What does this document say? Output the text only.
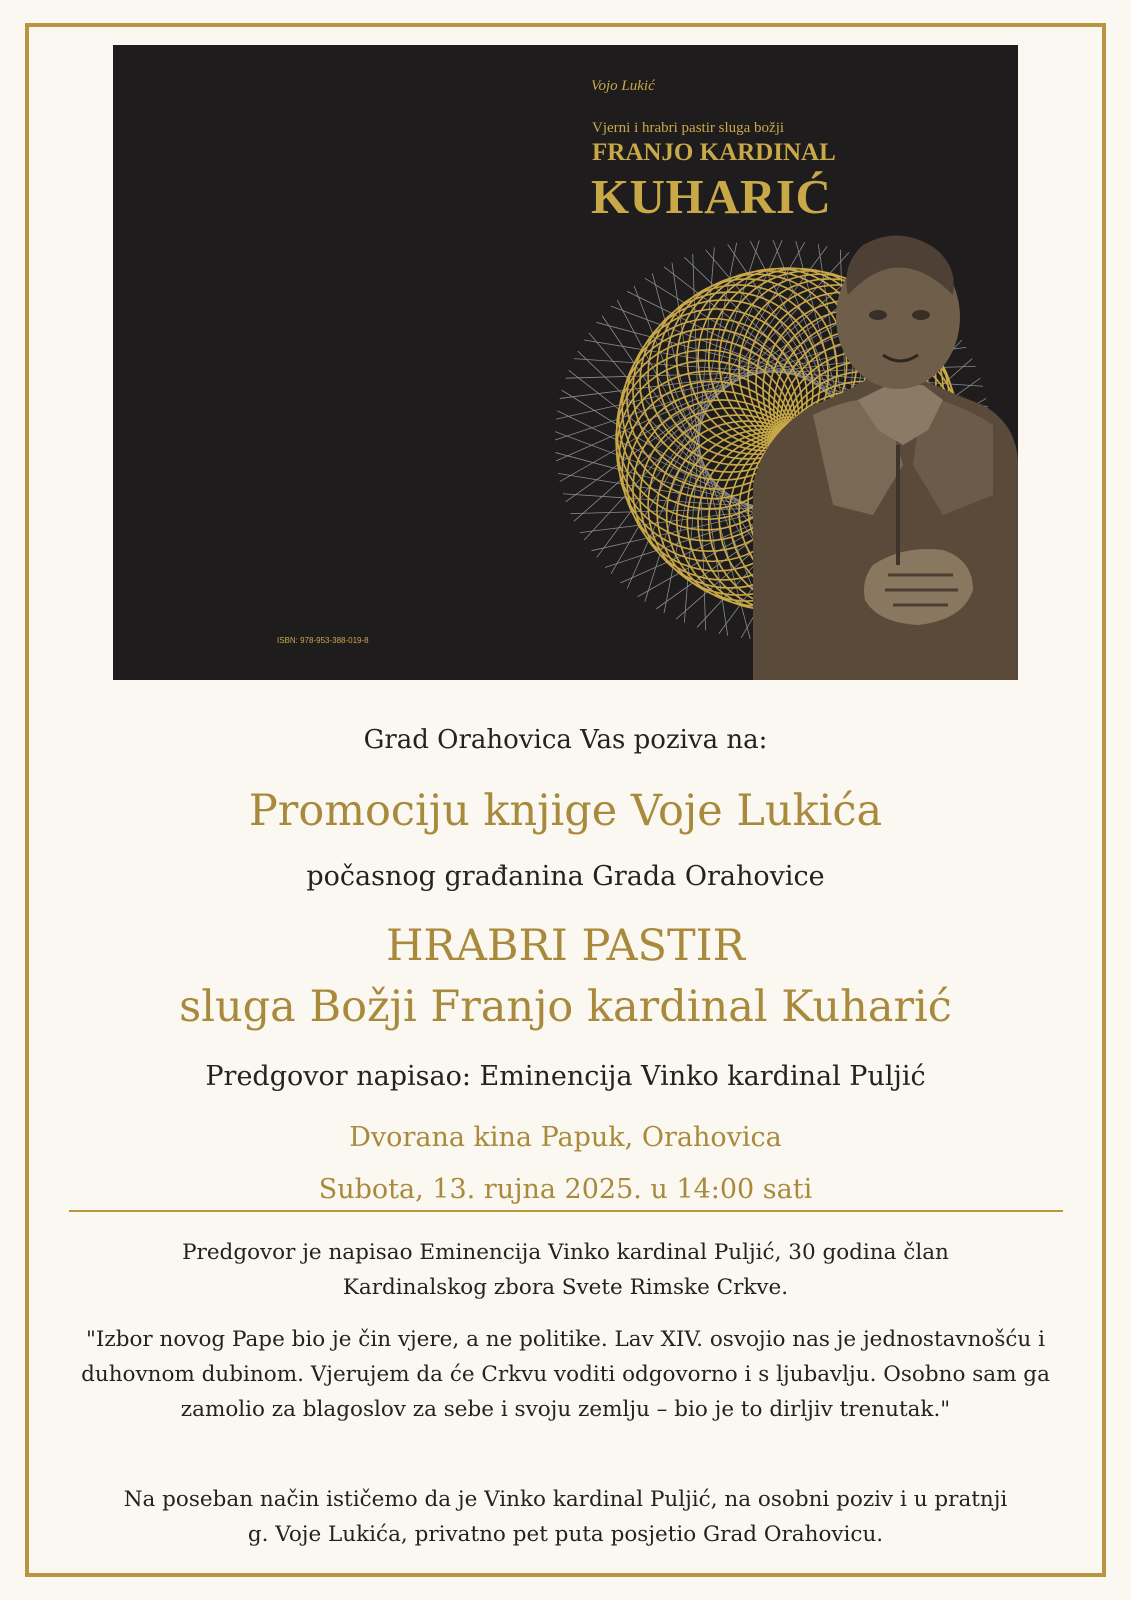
Vojo Lukić
Vjerni i hrabri pastir sluga božji
FRANJO KARDINAL
KUHARIĆ
ISBN: 978-953-388-019-8

Grad Orahovica Vas poziva na:

Promociju knjige Voje Lukića

počasnog građanina Grada Orahovice

HRABRI PASTIR

sluga Božji Franjo kardinal Kuharić

Predgovor napisao: Eminencija Vinko kardinal Puljić

Dvorana kina Papuk, Orahovica

Subota, 13. rujna 2025. u 14:00 sati

Predgovor je napisao Eminencija Vinko kardinal Puljić, 30 godina član Kardinalskog zbora Svete Rimske Crkve.

"Izbor novog Pape bio je čin vjere, a ne politike. Lav XIV. osvojio nas je jednostavnošću i duhovnom dubinom. Vjerujem da će Crkvu voditi odgovorno i s ljubavlju. Osobno sam ga zamolio za blagoslov za sebe i svoju zemlju – bio je to dirljiv trenutak."

Na poseban način ističemo da je Vinko kardinal Puljić, na osobni poziv i u pratnji g. Voje Lukića, privatno pet puta posjetio Grad Orahovicu.
